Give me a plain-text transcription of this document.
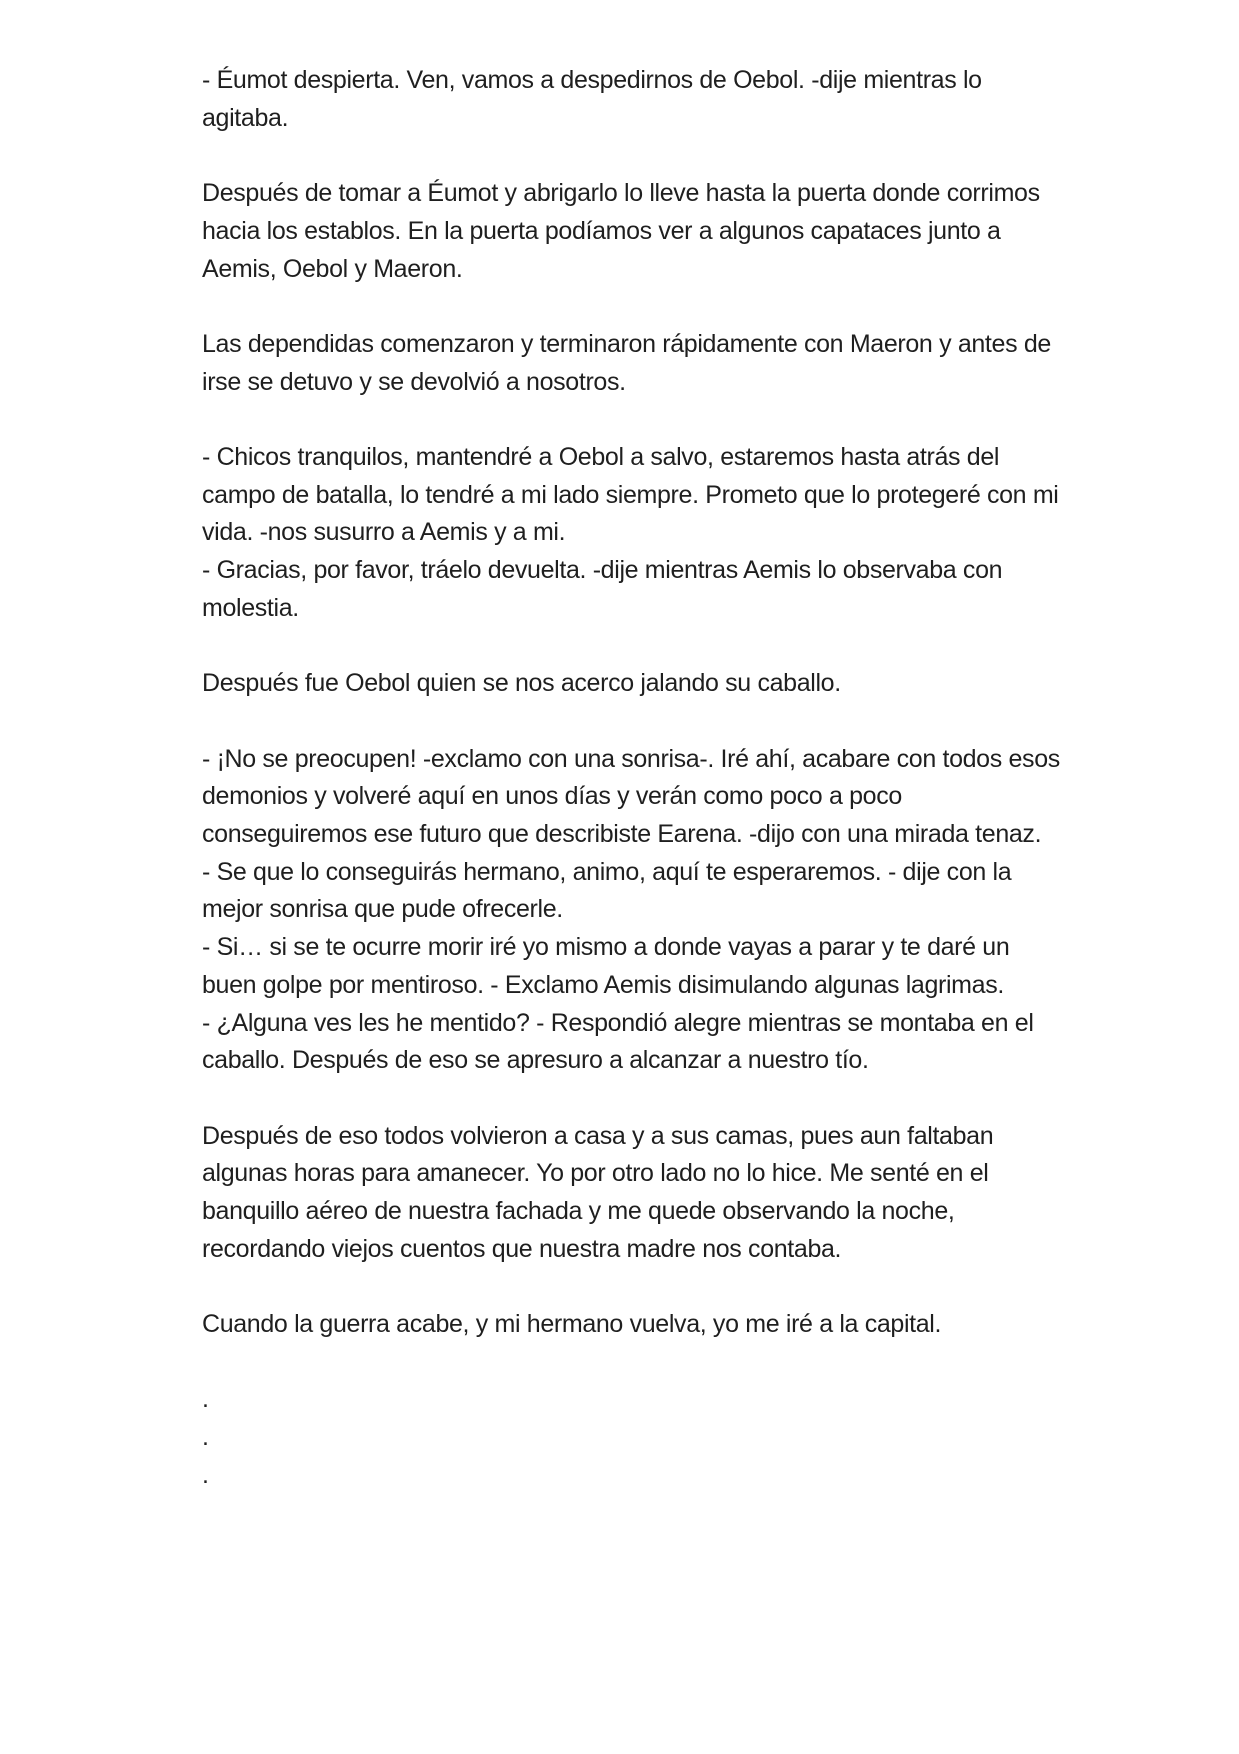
- Éumot despierta. Ven, vamos a despedirnos de Oebol. -dije mientras lo
agitaba.
Después de tomar a Éumot y abrigarlo lo lleve hasta la puerta donde corrimos
hacia los establos. En la puerta podíamos ver a algunos capataces junto a
Aemis, Oebol y Maeron.
Las dependidas comenzaron y terminaron rápidamente con Maeron y antes de
irse se detuvo y se devolvió a nosotros.
- Chicos tranquilos, mantendré a Oebol a salvo, estaremos hasta atrás del
campo de batalla, lo tendré a mi lado siempre. Prometo que lo protegeré con mi
vida. -nos susurro a Aemis y a mi.
- Gracias, por favor, tráelo devuelta. -dije mientras Aemis lo observaba con
molestia.
Después fue Oebol quien se nos acerco jalando su caballo.
- ¡No se preocupen! -exclamo con una sonrisa-. Iré ahí, acabare con todos esos
demonios y volveré aquí en unos días y verán como poco a poco
conseguiremos ese futuro que describiste Earena. -dijo con una mirada tenaz.
- Se que lo conseguirás hermano, animo, aquí te esperaremos. - dije con la
mejor sonrisa que pude ofrecerle.
- Si… si se te ocurre morir iré yo mismo a donde vayas a parar y te daré un
buen golpe por mentiroso. - Exclamo Aemis disimulando algunas lagrimas.
- ¿Alguna ves les he mentido? - Respondió alegre mientras se montaba en el
caballo. Después de eso se apresuro a alcanzar a nuestro tío.
Después de eso todos volvieron a casa y a sus camas, pues aun faltaban
algunas horas para amanecer. Yo por otro lado no lo hice. Me senté en el
banquillo aéreo de nuestra fachada y me quede observando la noche,
recordando viejos cuentos que nuestra madre nos contaba.
Cuando la guerra acabe, y mi hermano vuelva, yo me iré a la capital.
.
.
.
